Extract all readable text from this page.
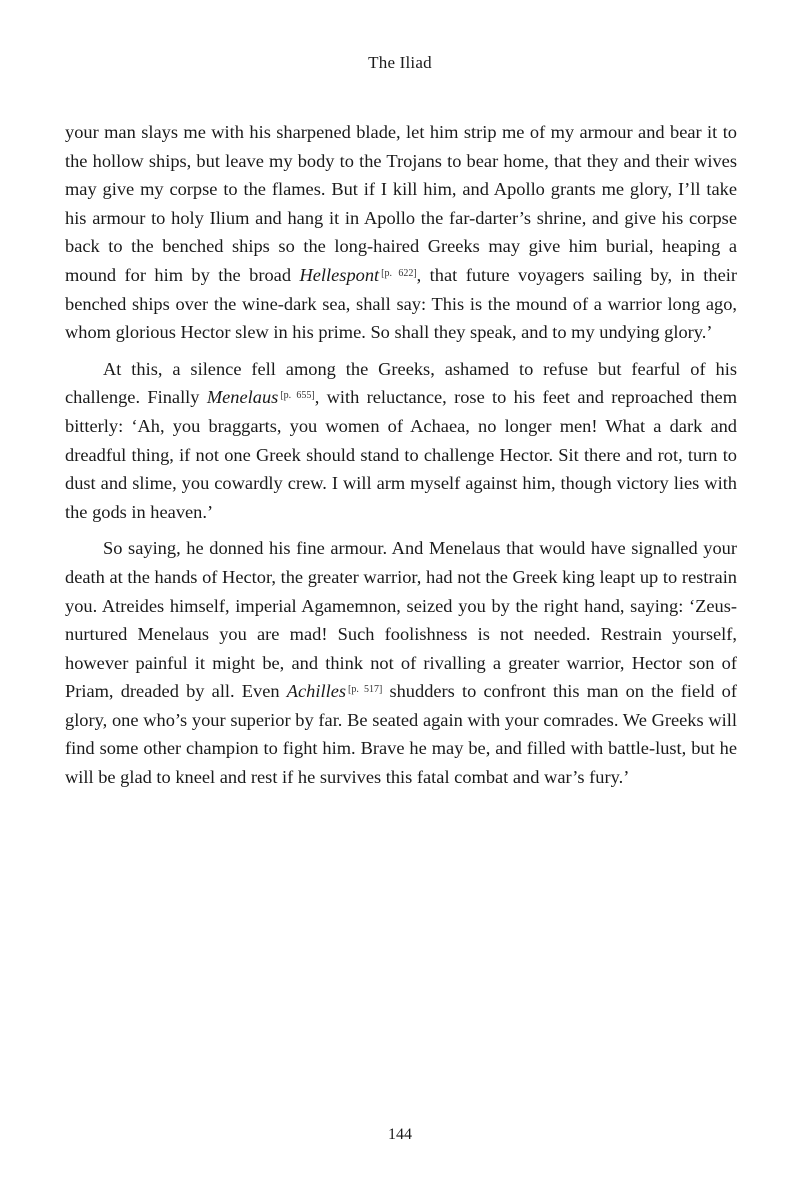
The Iliad

your man slays me with his sharpened blade, let him strip me of my armour and bear it to the hollow ships, but leave my body to the Trojans to bear home, that they and their wives may give my corpse to the flames. But if I kill him, and Apollo grants me glory, I’ll take his armour to holy Ilium and hang it in Apollo the far-darter’s shrine, and give his corpse back to the benched ships so the long-haired Greeks may give him burial, heaping a mound for him by the broad Hellespont [p. 622], that future voyagers sailing by, in their benched ships over the wine-dark sea, shall say: This is the mound of a warrior long ago, whom glorious Hector slew in his prime. So shall they speak, and to my undying glory.’

At this, a silence fell among the Greeks, ashamed to refuse but fearful of his challenge. Finally Menelaus [p. 655], with reluctance, rose to his feet and reproached them bitterly: ‘Ah, you braggarts, you women of Achaea, no longer men! What a dark and dreadful thing, if not one Greek should stand to challenge Hector. Sit there and rot, turn to dust and slime, you cowardly crew. I will arm myself against him, though victory lies with the gods in heaven.’

So saying, he donned his fine armour. And Menelaus that would have signalled your death at the hands of Hector, the greater warrior, had not the Greek king leapt up to restrain you. Atreides himself, imperial Agamemnon, seized you by the right hand, saying: ‘Zeus-nurtured Menelaus you are mad! Such foolishness is not needed. Restrain yourself, however painful it might be, and think not of rivalling a greater warrior, Hector son of Priam, dreaded by all. Even Achilles [p. 517] shudders to confront this man on the field of glory, one who’s your superior by far. Be seated again with your comrades. We Greeks will find some other champion to fight him. Brave he may be, and filled with battle-lust, but he will be glad to kneel and rest if he survives this fatal combat and war’s fury.’

144
